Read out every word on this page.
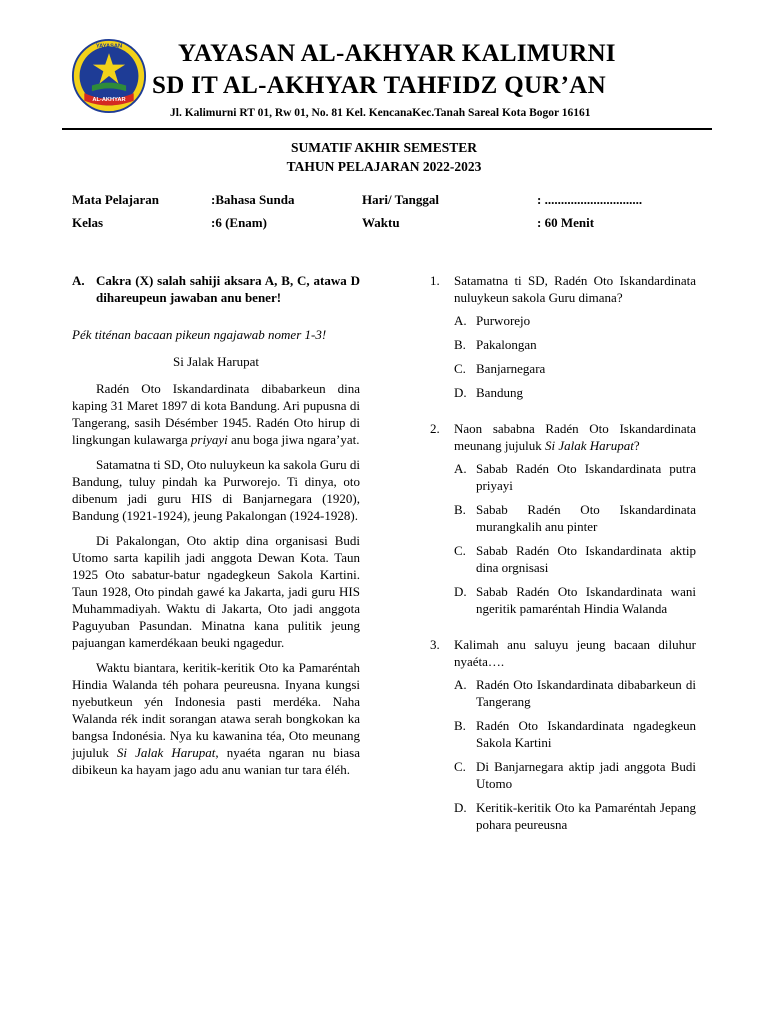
AL-AKHYAR
YAYASAN YAYASAN AL-AKHYAR KALIMURNI
SD IT AL-AKHYAR TAHFIDZ QUR’AN
Jl. Kalimurni RT 01, Rw 01, No. 81 Kel. KencanaKec.Tanah Sareal Kota Bogor 16161
SUMATIF AKHIR SEMESTER
TAHUN PELAJARAN 2022-2023
Mata Pelajaran	:Bahasa Sunda	Hari/ Tanggal	: ..............................
Kelas	:6 (Enam)	Waktu	: 60 Menit
A. Cakra (X) salah sahiji aksara A, B, C, atawa D dihareupeun jawaban anu bener!
Pék titénan bacaan pikeun ngajawab nomer 1-3!
Si Jalak Harupat

Radén Oto Iskandardinata dibabarkeun dina kaping 31 Maret 1897 di kota Bandung. Ari pupusna di Tangerang, sasih Désémber 1945. Radén Oto hirup di lingkungan kulawarga priyayi anu boga jiwa ngara’yat.

Satamatna ti SD, Oto nuluykeun ka sakola Guru di Bandung, tuluy pindah ka Purworejo. Ti dinya, oto dibenum jadi guru HIS di Banjarnegara (1920), Bandung (1921-1924), jeung Pakalongan (1924-1928).

Di Pakalongan, Oto aktip dina organisasi Budi Utomo sarta kapilih jadi anggota Dewan Kota. Taun 1925 Oto sabatur-batur ngadegkeun Sakola Kartini. Taun 1928, Oto pindah gawé ka Jakarta, jadi guru HIS Muhammadiyah. Waktu di Jakarta, Oto jadi anggota Paguyuban Pasundan. Minatna kana pulitik jeung pajuangan kamerdékaan beuki ngagedur.

Waktu biantara, keritik-keritik Oto ka Pamaréntah Hindia Walanda téh pohara peureusna. Inyana kungsi nyebutkeun yén Indonesia pasti merdéka. Naha Walanda rék indit sorangan atawa serah bongkokan ka bangsa Indonésia. Nya ku kawanina téa, Oto meunang jujuluk Si Jalak Harupat, nyaéta ngaran nu biasa dibikeun ka hayam jago adu anu wanian tur tara éléh.

1.	Satamatna ti SD, Radén Oto Iskandardinata nuluykeun sakola Guru dimana?
A. Purworejo
B. Pakalongan
C. Banjarnegara
D. Bandung
2.	Naon sababna Radén Oto Iskandardinata meunang jujuluk Si Jalak Harupat?
A. Sabab Radén Oto Iskandardinata putra priyayi
B. Sabab Radén Oto Iskandardinata murangkalih anu pinter
C. Sabab Radén Oto Iskandardinata aktip dina orgnisasi
D. Sabab Radén Oto Iskandardinata wani ngeritik pamaréntah Hindia Walanda
3.	Kalimah anu saluyu jeung bacaan diluhur nyaéta….
A. Radén Oto Iskandardinata dibabarkeun di Tangerang
B. Radén Oto Iskandardinata ngadegkeun Sakola Kartini
C. Di Banjarnegara aktip jadi anggota Budi Utomo
D. Keritik-keritik Oto ka Pamaréntah Jepang pohara peureusna
